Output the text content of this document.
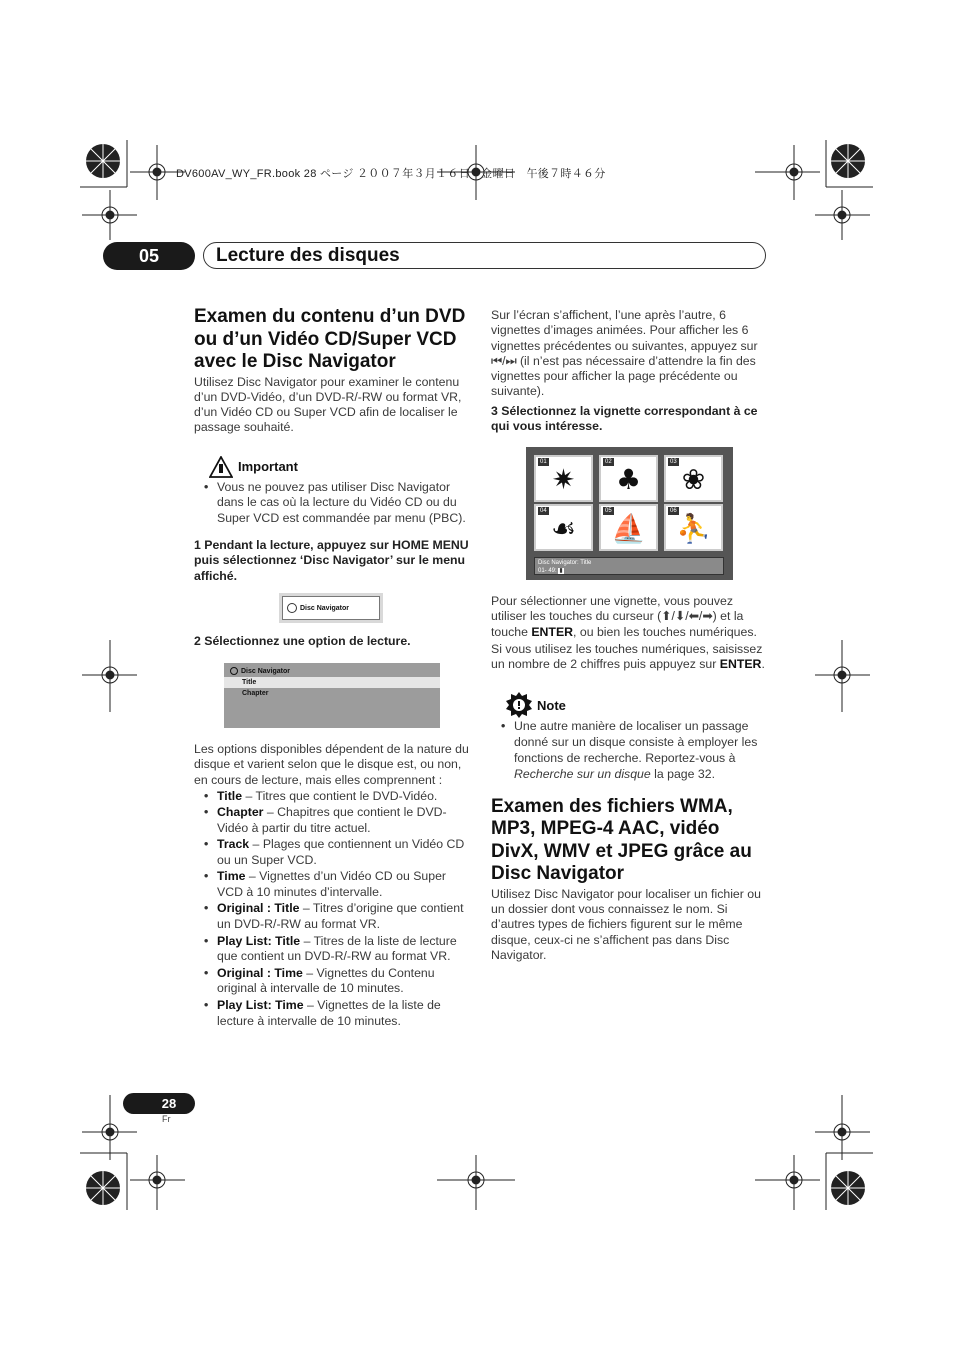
DV600AV_WY_FR.book 28 ページ ２００７年３月１６日　金曜日　午後７時４６分
05	Lecture des disques
Examen du contenu d’un DVD ou d’un Vidéo CD/Super VCD avec le Disc Navigator

Utilisez Disc Navigator pour examiner le contenu d’un DVD-Vidéo, d’un DVD-R/-RW ou format VR, d’un Vidéo CD ou Super VCD afin de localiser le passage souhaité.

Important
• Vous ne pouvez pas utiliser Disc Navigator dans le cas où la lecture du Vidéo CD ou du Super VCD est commandée par menu (PBC).

1 Pendant la lecture, appuyez sur HOME MENU puis sélectionnez ‘Disc Navigator’ sur le menu affiché.

Disc Navigator

2 Sélectionnez une option de lecture.

Disc Navigator
Title
Chapter

Les options disponibles dépendent de la nature du disque et varient selon que le disque est, ou non, en cours de lecture, mais elles comprennent :

• Title – Titres que contient le DVD-Vidéo.
• Chapter – Chapitres que contient le DVD-Vidéo à partir du titre actuel.
• Track – Plages que contiennent un Vidéo CD ou un Super VCD.
• Time – Vignettes d’un Vidéo CD ou Super VCD à 10 minutes d’intervalle.
• Original : Title – Titres d’origine que contient un DVD-R/-RW au format VR.
• Play List: Title – Titres de la liste de lecture que contient un DVD-R/-RW au format VR.
• Original : Time – Vignettes du Contenu original à intervalle de 10 minutes.
• Play List: Time – Vignettes de la liste de lecture à intervalle de 10 minutes.

Sur l’écran s’affichent, l’une après l’autre, 6 vignettes d’images animées. Pour afficher les 6 vignettes précédentes ou suivantes, appuyez sur ⏮/⏭ (il n’est pas nécessaire d’attendre la fin des vignettes pour afficher la page précédente ou suivante).

3 Sélectionnez la vignette correspondant à ce qui vous intéresse.

01
✷
02
♣
03
❀
04
☙
05
⛵
06
⛹
Disc Navigator: Title
01- 49: ▮

Pour sélectionner une vignette, vous pouvez utiliser les touches du curseur (⬆/⬇/⬅/➡) et la touche ENTER, ou bien les touches numériques.

Si vous utilisez les touches numériques, saisissez un nombre de 2 chiffres puis appuyez sur ENTER.

Note
• Une autre manière de localiser un passage donné sur un disque consiste à employer les fonctions de recherche. Reportez-vous à Recherche sur un disque la page 32.
Examen des fichiers WMA, MP3, MPEG-4 AAC, vidéo DivX, WMV et JPEG grâce au Disc Navigator

Utilisez Disc Navigator pour localiser un fichier ou un dossier dont vous connaissez le nom. Si d’autres types de fichiers figurent sur le même disque, ceux-ci ne s’affichent pas dans Disc Navigator.

28
Fr
